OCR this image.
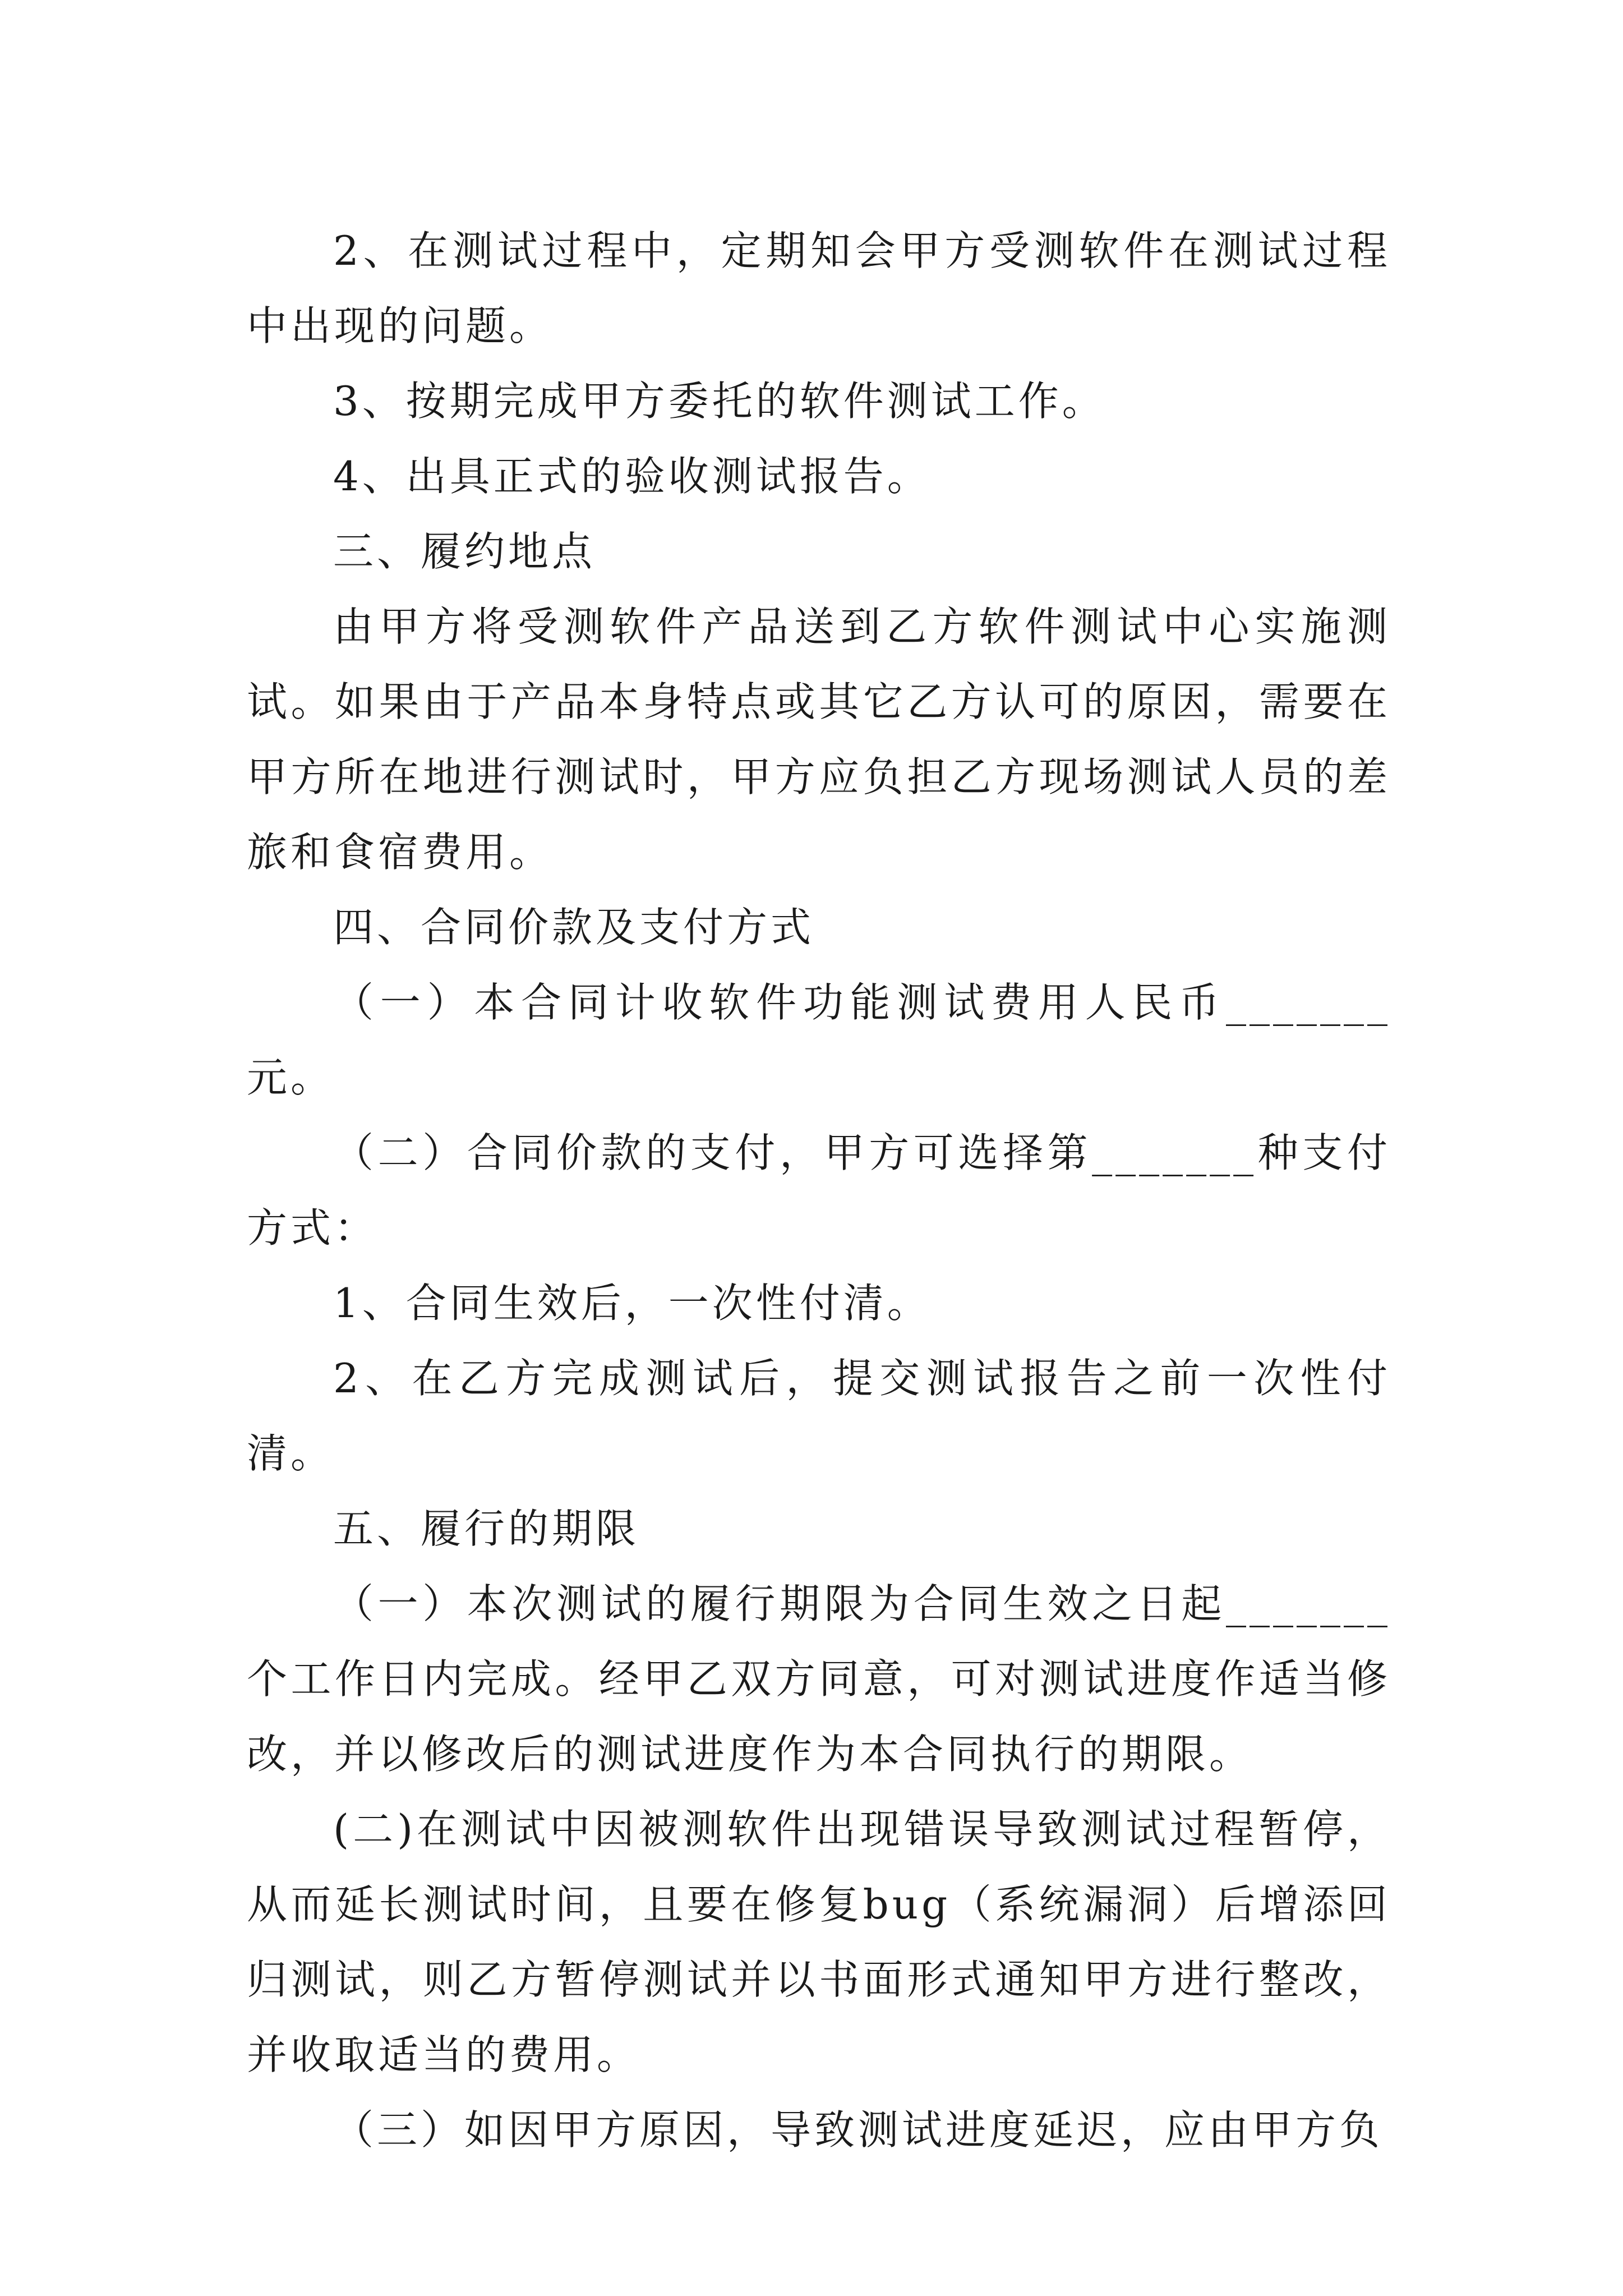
2、在测试过程中，定期知会甲方受测软件在测试过程中出现的问题。

3、按期完成甲方委托的软件测试工作。

4、出具正式的验收测试报告。

三、履约地点

由甲方将受测软件产品送到乙方软件测试中心实施测试。如果由于产品本身特点或其它乙方认可的原因，需要在甲方所在地进行测试时，甲方应负担乙方现场测试人员的差旅和食宿费用。

四、合同价款及支付方式

（一）本合同计收软件功能测试费用人民币_______元。

（二）合同价款的支付，甲方可选择第_______种支付方式：

1、合同生效后，一次性付清。

2、在乙方完成测试后，提交测试报告之前一次性付清。

五、履行的期限

（一）本次测试的履行期限为合同生效之日起_______个工作日内完成。经甲乙双方同意，可对测试进度作适当修改，并以修改后的测试进度作为本合同执行的期限。

(二)在测试中因被测软件出现错误导致测试过程暂停，从而延长测试时间，且要在修复bug（系统漏洞）后增添回归测试，则乙方暂停测试并以书面形式通知甲方进行整改，并收取适当的费用。

（三）如因甲方原因，导致测试进度延迟，应由甲方负
